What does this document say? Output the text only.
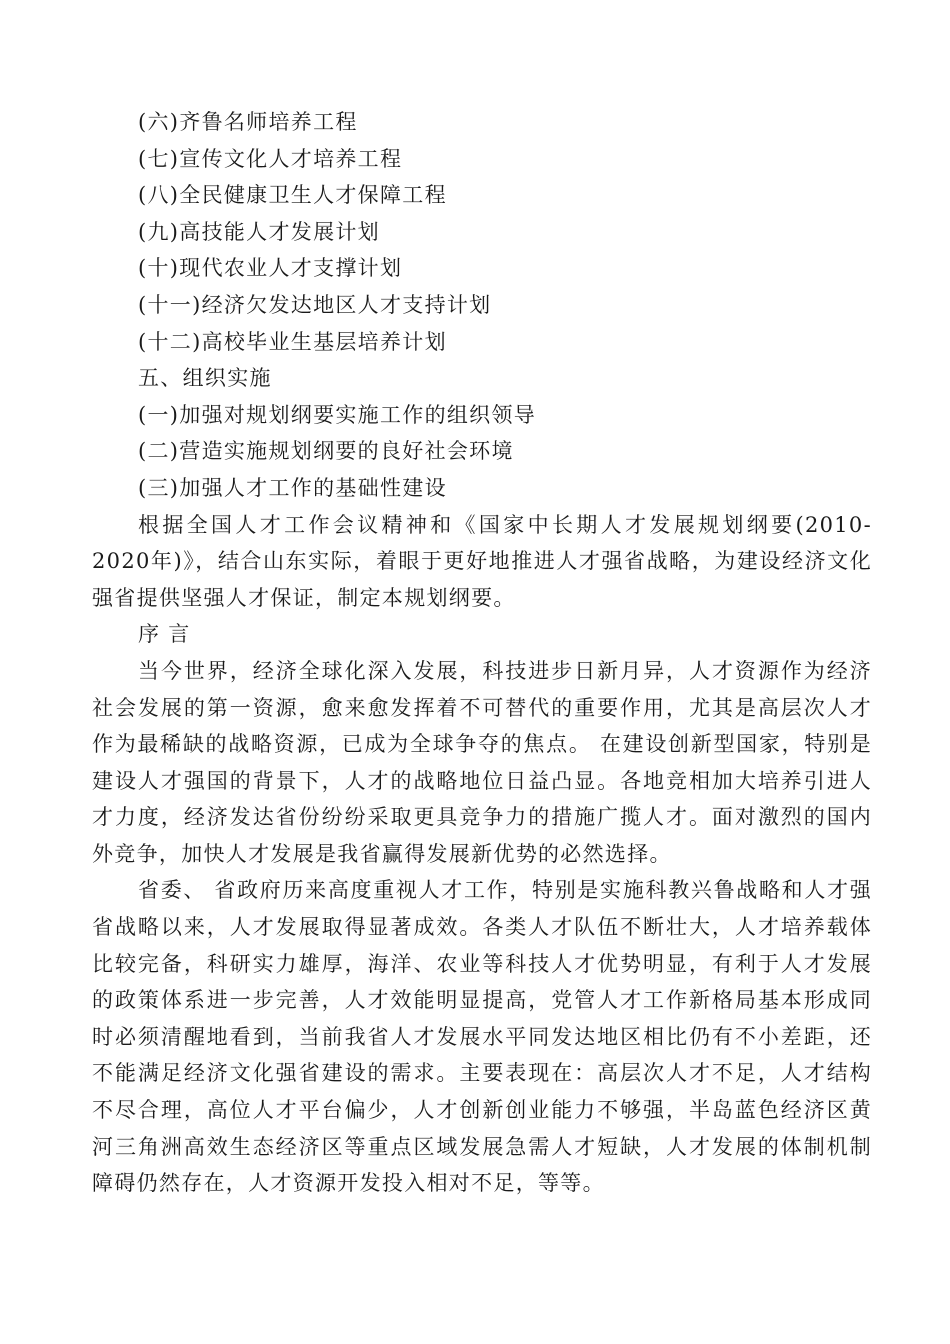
(六)齐鲁名师培养工程
(七)宣传文化人才培养工程
(八)全民健康卫生人才保障工程
(九)高技能人才发展计划
(十)现代农业人才支撑计划
(十一)经济欠发达地区人才支持计划
(十二)高校毕业生基层培养计划
五、组织实施
(一)加强对规划纲要实施工作的组织领导
(二)营造实施规划纲要的良好社会环境
(三)加强人才工作的基础性建设

根据全国人才工作会议精神和《国家中长期人才发展规划纲要(2010-2020年)》，结合山东实际，着眼于更好地推进人才强省战略，为建设经济文化强省提供坚强人才保证，制定本规划纲要。

序 言

当今世界，经济全球化深入发展，科技进步日新月异，人才资源作为经济社会发展的第一资源，愈来愈发挥着不可替代的重要作用，尤其是高层次人才作为最稀缺的战略资源，已成为全球争夺的焦点。 在建设创新型国家，特别是建设人才强国的背景下，人才的战略地位日益凸显。各地竞相加大培养引进人才力度，经济发达省份纷纷采取更具竞争力的措施广揽人才。面对激烈的国内外竞争，加快人才发展是我省赢得发展新优势的必然选择。

省委、 省政府历来高度重视人才工作，特别是实施科教兴鲁战略和人才强省战略以来，人才发展取得显著成效。各类人才队伍不断壮大，人才培养载体比较完备，科研实力雄厚，海洋、农业等科技人才优势明显，有利于人才发展的政策体系进一步完善，人才效能明显提高，党管人才工作新格局基本形成同时必须清醒地看到，当前我省人才发展水平同发达地区相比仍有不小差距，还不能满足经济文化强省建设的需求。主要表现在：高层次人才不足，人才结构不尽合理，高位人才平台偏少，人才创新创业能力不够强，半岛蓝色经济区黄河三角洲高效生态经济区等重点区域发展急需人才短缺，人才发展的体制机制障碍仍然存在，人才资源开发投入相对不足，等等。
